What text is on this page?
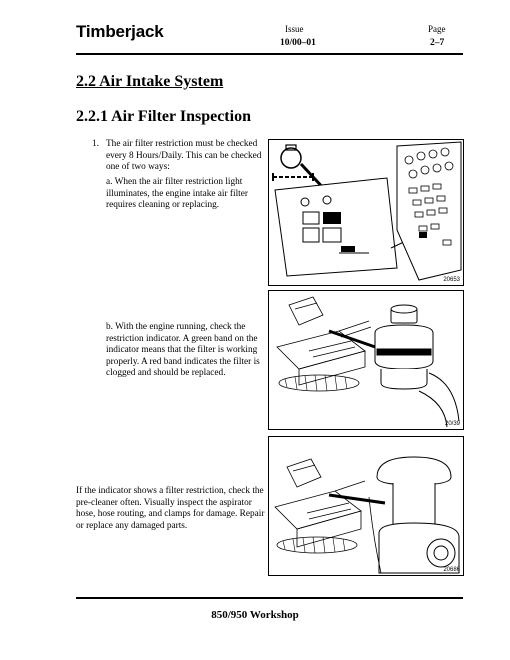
Timberjack	Issue
10/00–01
Page
2–7
2.2 Air Intake System
2.2.1 Air Filter Inspection
1. The air filter restriction must be checked
every 8 Hours/Daily. This can be checked
one of two ways:
a. When the air filter restriction light
illuminates, the engine intake air filter
requires cleaning or replacing.
b. With the engine running, check the
restriction indicator. A green band on the
indicator means that the filter is working
properly. A red band indicates the filter is
clogged and should be replaced.
If the indicator shows a filter restriction, check the
pre-cleaner often. Visually inspect the aspirator
hose, hose routing, and clamps for damage. Repair
or replace any damaged parts.
20653
20/39
20686
850/950 Workshop
